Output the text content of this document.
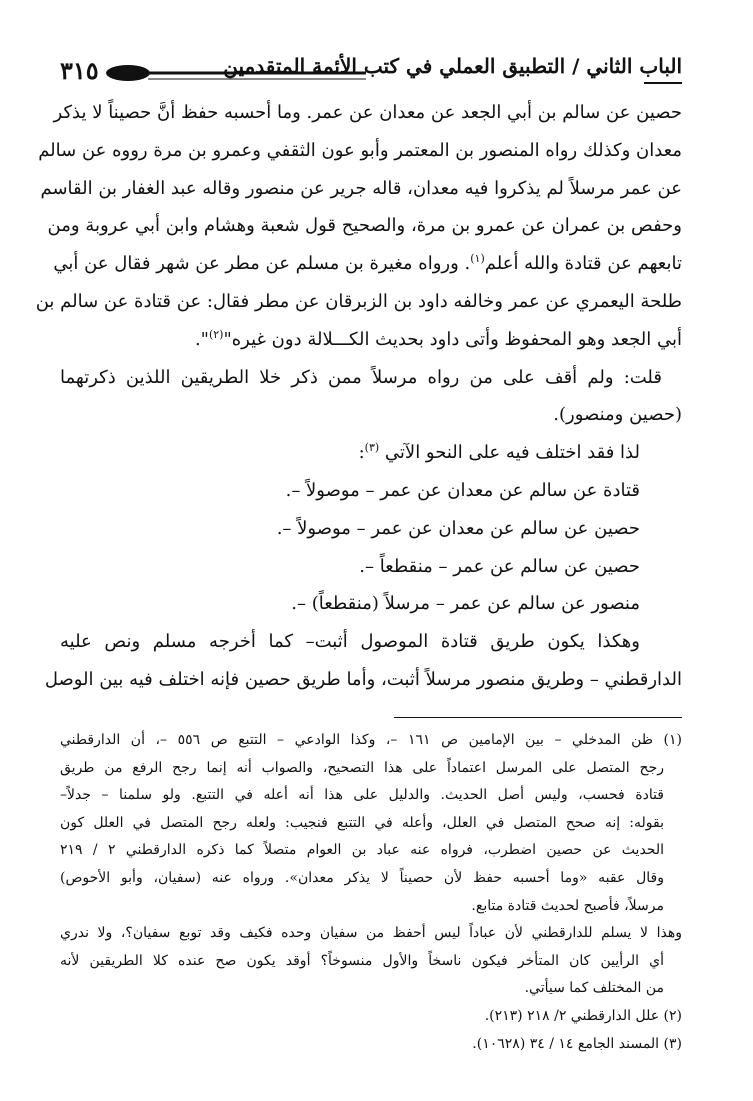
٣١٥	الباب الثاني / التطبيق العملي في كتب الأئمة المتقدمين

حصين عن سالم بن أبي الجعد عن معدان عن عمر. وما أحسبه حفظ أنَّ حصيناً لا يذكر
معدان وكذلك رواه المنصور بن المعتمر وأبو عون الثقفي وعمرو بن مرة رووه عن سالم
عن عمر مرسلاً لم يذكروا فيه معدان، قاله جرير عن منصور وقاله عبد الغفار بن القاسم
وحفص بن عمران عن عمرو بن مرة، والصحيح قول شعبة وهشام وابن أبي عروبة ومن
تابعهم عن قتادة والله أعلم$^{(١)}$. ورواه مغيرة بن مسلم عن مطر عن شهر فقال عن أبي
طلحة اليعمري عن عمر وخالفه داود بن الزبرقان عن مطر فقال: عن قتادة عن سالم بن
أبي الجعد وهو المحفوظ وأتى داود بحديث الكـــلالة دون غيره"$^{(٢)}$".

قلت: ولم أقف على من رواه مرسلاً ممن ذكر خلا الطريقين اللذين ذكرتهما
(حصين ومنصور).

لذا فقد اختلف فيه على النحو الآتي $^{(٣)}$:
قتادة عن سالم عن معدان عن عمر – موصولاً –.
حصين عن سالم عن معدان عن عمر – موصولاً –.
حصين عن سالم عن عمر – منقطعاً –.
منصور عن سالم عن عمر – مرسلاً (منقطعاً) –.

وهكذا يكون طريق قتادة الموصول أثبت– كما أخرجه مسلم ونص عليه
الدارقطني – وطريق منصور مرسلاً أثبت، وأما طريق حصين فإنه اختلف فيه بين الوصل

(١) ظن المدخلي – بين الإمامين ص ١٦١ –، وكذا الوادعي – التتبع ص ٥٥٦ –، أن الدارقطني
رجح المتصل على المرسل اعتماداً على هذا التصحيح، والصواب أنه إنما رجح الرفع من طريق
قتادة فحسب، وليس أصل الحديث. والدليل على هذا أنه أعله في التتبع. ولو سلمنا – جدلاً–
بقوله: إنه صحح المتصل في العلل، وأعله في التتبع فنجيب: ولعله رجح المتصل في العلل كون
الحديث عن حصين اضطرب، فرواه عنه عباد بن العوام متصلاً كما ذكره الدارقطني ٢ / ٢١٩
وقال عقبه «وما أحسبه حفظ لأن حصيناً لا يذكر معدان». ورواه عنه (سفيان، وأبو الأحوص)
مرسلاً، فأصبح لحديث قتادة متابع.
وهذا لا يسلم للدارقطني لأن عباداً ليس أحفظ من سفيان وحده فكيف وقد توبع سفيان؟، ولا ندري
أي الرأيين كان المتأخر فيكون ناسخاً والأول منسوخاً؟ أوقد يكون صح عنده كلا الطريقين لأنه
من المختلف كما سيأتي.
(٢) علل الدارقطني ٢/ ٢١٨ (٢١٣).
(٣) المسند الجامع ١٤ / ٣٤ (١٠٦٢٨).
